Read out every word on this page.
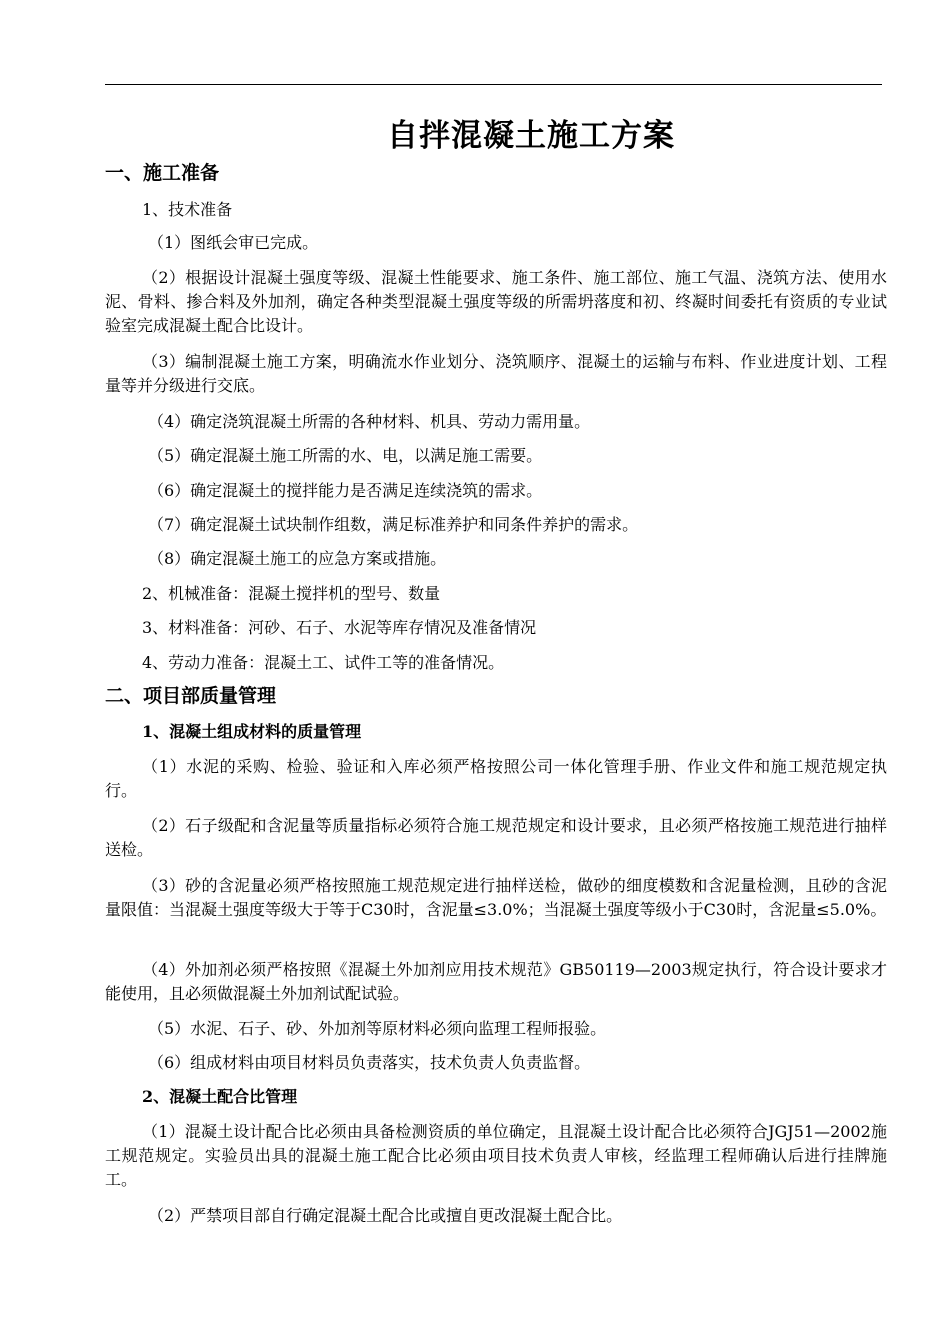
自拌混凝土施工方案

一、施工准备

1、技术准备

（1）图纸会审已完成。

（2）根据设计混凝土强度等级、混凝土性能要求、施工条件、施工部位、施工气温、浇筑方法、使用水泥、骨料、掺合料及外加剂，确定各种类型混凝土强度等级的所需坍落度和初、终凝时间委托有资质的专业试验室完成混凝土配合比设计。

（3）编制混凝土施工方案，明确流水作业划分、浇筑顺序、混凝土的运输与布料、作业进度计划、工程量等并分级进行交底。

（4）确定浇筑混凝土所需的各种材料、机具、劳动力需用量。

（5）确定混凝土施工所需的水、电，以满足施工需要。

（6）确定混凝土的搅拌能力是否满足连续浇筑的需求。

（7）确定混凝土试块制作组数，满足标准养护和同条件养护的需求。

（8）确定混凝土施工的应急方案或措施。

2、机械准备：混凝土搅拌机的型号、数量

3、材料准备：河砂、石子、水泥等库存情况及准备情况

4、劳动力准备：混凝土工、试件工等的准备情况。

二、项目部质量管理

1、混凝土组成材料的质量管理

（1）水泥的采购、检验、验证和入库必须严格按照公司一体化管理手册、作业文件和施工规范规定执行。

（2）石子级配和含泥量等质量指标必须符合施工规范规定和设计要求，且必须严格按施工规范进行抽样送检。

（3）砂的含泥量必须严格按照施工规范规定进行抽样送检，做砂的细度模数和含泥量检测，且砂的含泥量限值：当混凝土强度等级大于等于C30时，含泥量≤3.0%；当混凝土强度等级小于C30时，含泥量≤5.0%。

（4）外加剂必须严格按照《混凝土外加剂应用技术规范》GB50119—2003规定执行，符合设计要求才能使用，且必须做混凝土外加剂试配试验。

（5）水泥、石子、砂、外加剂等原材料必须向监理工程师报验。

（6）组成材料由项目材料员负责落实，技术负责人负责监督。

2、混凝土配合比管理

（1）混凝土设计配合比必须由具备检测资质的单位确定，且混凝土设计配合比必须符合JGJ51—2002施工规范规定。实验员出具的混凝土施工配合比必须由项目技术负责人审核，经监理工程师确认后进行挂牌施工。

（2）严禁项目部自行确定混凝土配合比或擅自更改混凝土配合比。
